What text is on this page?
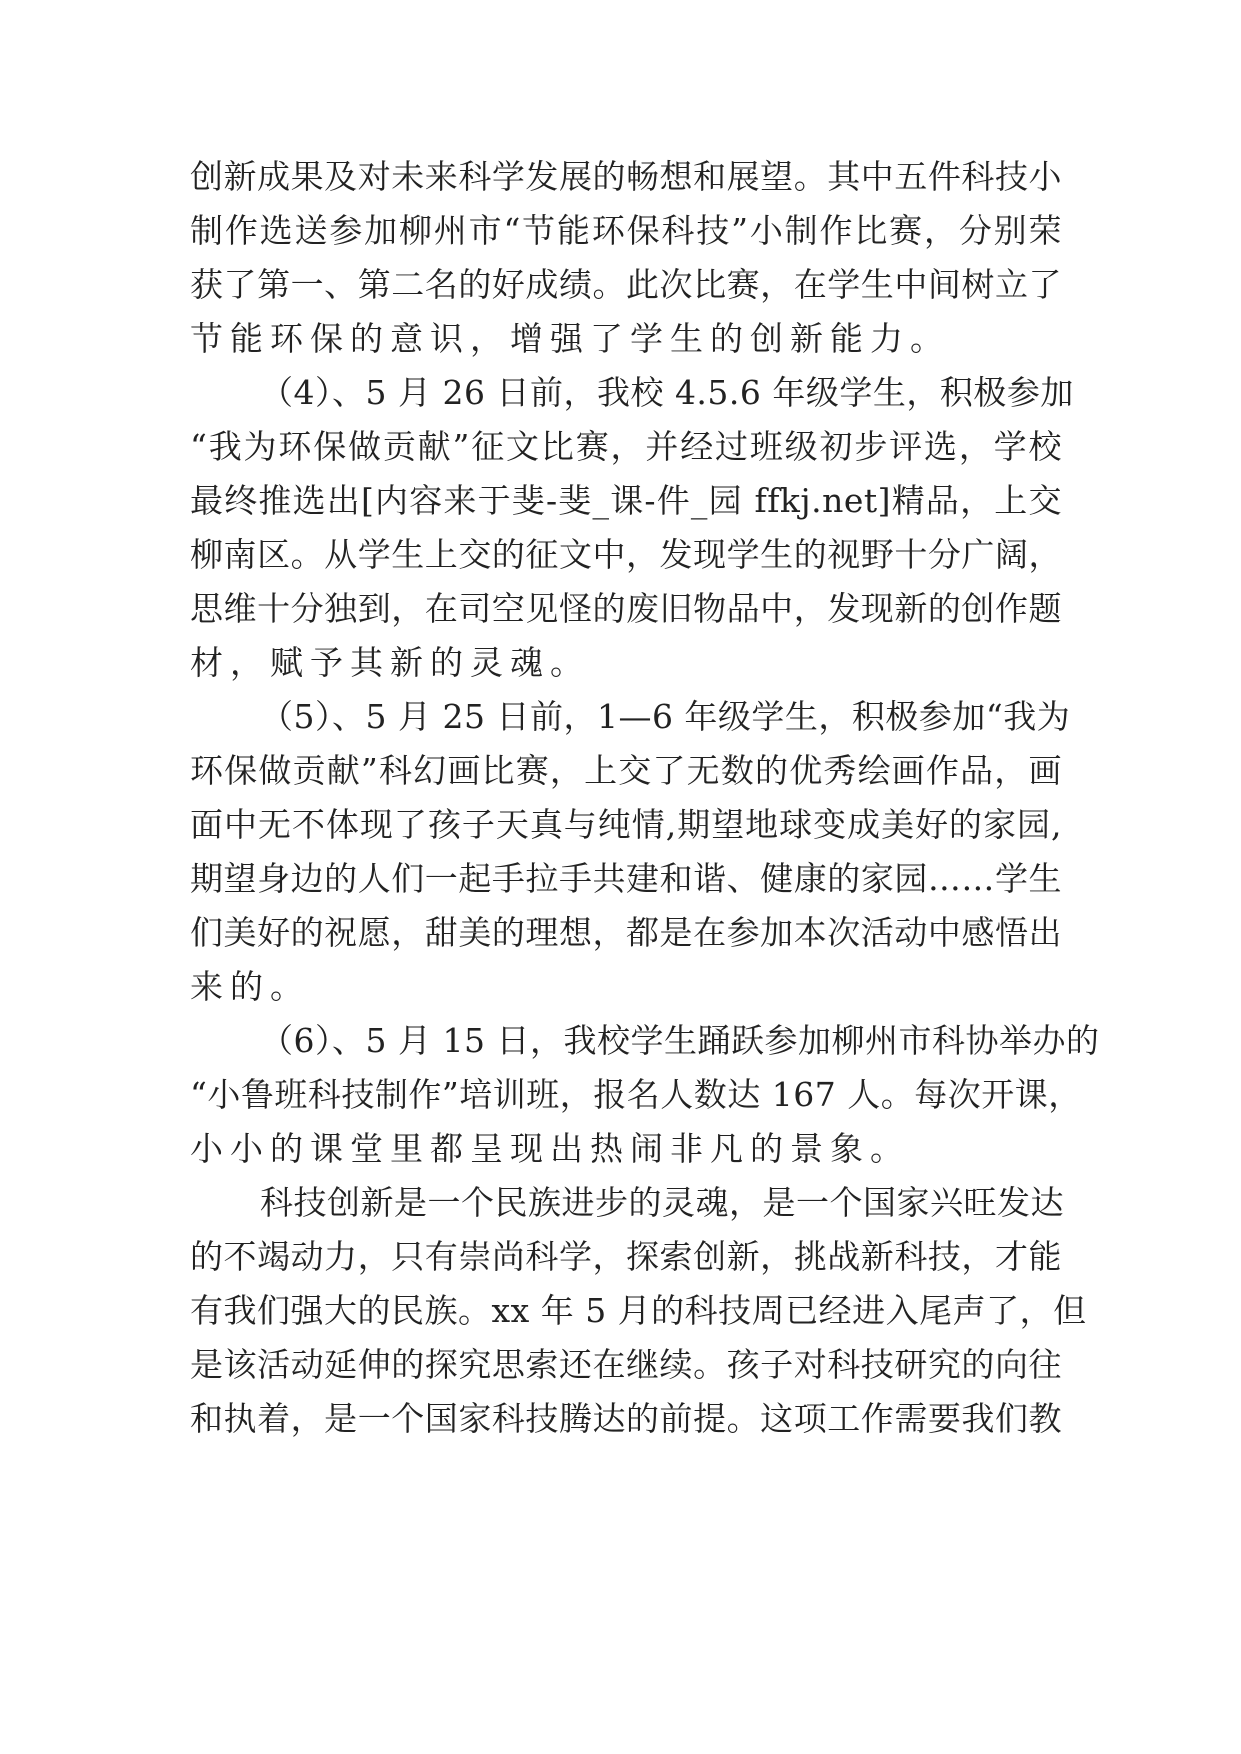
创新成果及对未来科学发展的畅想和展望。其中五件科技小
制作选送参加柳州市“节能环保科技”小制作比赛，分别荣
获了第一、第二名的好成绩。此次比赛，在学生中间树立了
节能环保的意识，增强了学生的创新能力。
（4）、5 月 26 日前，我校 4.5.6 年级学生，积极参加
“我为环保做贡献”征文比赛，并经过班级初步评选，学校
最终推选出[内容来于斐-斐_课-件_园 ffkj.net]精品，上交
柳南区。从学生上交的征文中，发现学生的视野十分广阔，
思维十分独到，在司空见怪的废旧物品中，发现新的创作题
材，赋予其新的灵魂。
（5）、5 月 25 日前，1—6 年级学生，积极参加“我为
环保做贡献”科幻画比赛，上交了无数的优秀绘画作品，画
面中无不体现了孩子天真与纯情,期望地球变成美好的家园,
期望身边的人们一起手拉手共建和谐、健康的家园……学生
们美好的祝愿，甜美的理想，都是在参加本次活动中感悟出
来的。
（6）、5 月 15 日，我校学生踊跃参加柳州市科协举办的
“小鲁班科技制作”培训班，报名人数达 167 人。每次开课，
小小的课堂里都呈现出热闹非凡的景象。
科技创新是一个民族进步的灵魂，是一个国家兴旺发达
的不竭动力，只有崇尚科学，探索创新，挑战新科技，才能
有我们强大的民族。xx 年 5 月的科技周已经进入尾声了，但
是该活动延伸的探究思索还在继续。孩子对科技研究的向往
和执着，是一个国家科技腾达的前提。这项工作需要我们教
